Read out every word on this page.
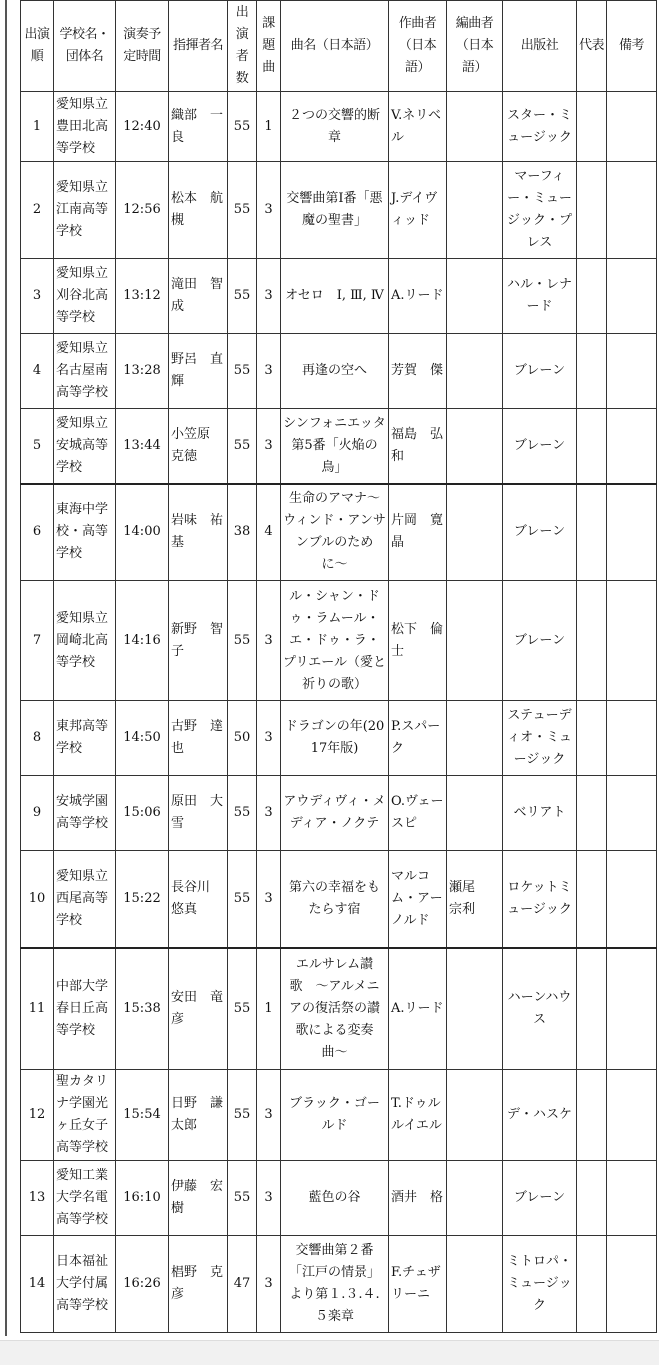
出演順	学校名・団体名	演奏予定時間	指揮者名	出演者数	課題曲	曲名（日本語）	作曲者（日本語）	編曲者（日本語）	出版社	代表	備考
1	愛知県立豊田北高等学校	12:40	織部　一良	55	1	２つの交響的断章	V.ネリベル		スター・ミュージック		
2	愛知県立江南高等学校	12:56	松本　航槻	55	3	交響曲第Ⅰ番「悪魔の聖書」	J.デイヴィッド		マーフィー・ミュージック・プレス		
3	愛知県立刈谷北高等学校	13:12	滝田　智成	55	3	オセロ　Ⅰ, Ⅲ, Ⅳ	A.リード		ハル・レナード		
4	愛知県立名古屋南高等学校	13:28	野呂　直輝	55	3	再逢の空へ	芳賀　傑		ブレーン		
5	愛知県立安城高等学校	13:44	小笠原　克徳	55	3	シンフォニエッタ第5番「火焔の鳥」	福島　弘和		ブレーン		
6	東海中学校・高等学校	14:00	岩味　祐基	38	4	生命のアマナ〜ウィンド・アンサンブルのために〜	片岡　寛晶		ブレーン		
7	愛知県立岡崎北高等学校	14:16	新野　智子	55	3	ル・シャン・ドゥ・ラムール・エ・ドゥ・ラ・プリエール（愛と祈りの歌）	松下　倫士		ブレーン		
8	東邦高等学校	14:50	古野　達也	50	3	ドラゴンの年(2017年版)	P.スパーク		ステューディオ・ミュージック		
9	安城学園高等学校	15:06	原田　大雪	55	3	アウディヴィ・メディア・ノクテ	O.ヴェースピ		ベリアト		
10	愛知県立西尾高等学校	15:22	長谷川　悠真	55	3	第六の幸福をもたらす宿	マルコム・アーノルド	瀬尾　宗利	ロケットミュージック		
11	中部大学春日丘高等学校	15:38	安田　竜彦	55	1	エルサレム讃歌　〜アルメニアの復活祭の讃歌による変奏曲〜	A.リード		ハーンハウス		
12	聖カタリナ学園光ヶ丘女子高等学校	15:54	日野　謙太郎	55	3	ブラック・ゴールド	T.ドゥルルイエル		デ・ハスケ		
13	愛知工業大学名電高等学校	16:10	伊藤　宏樹	55	3	藍色の谷	酒井　格		ブレーン		
14	日本福祉大学付属高等学校	16:26	椙野　克彦	47	3	交響曲第２番「江戸の情景」より第１.３.４.５楽章	F.チェザリーニ		ミトロパ・ミュージック		
